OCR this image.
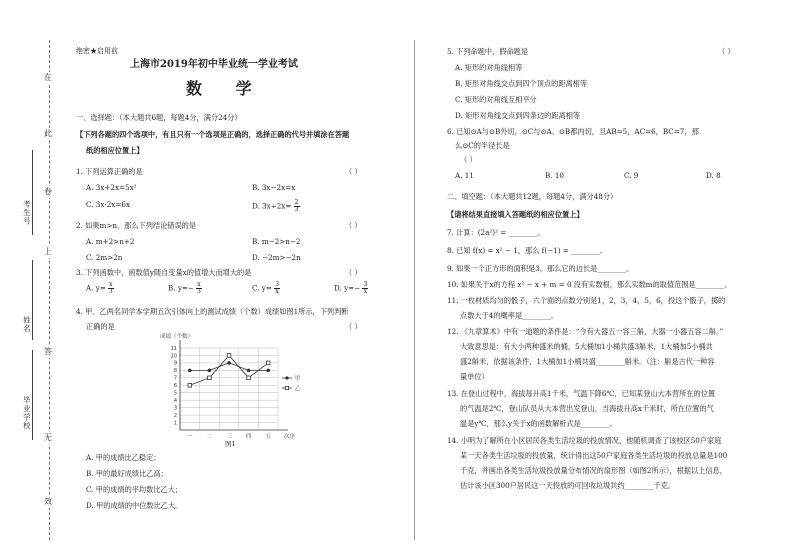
在
此
卷
上
答
无
效
考生号
姓名
毕业学校
绝密★启用前
上海市2019年初中毕业统一学业考试
数 学
一、选择题：（本大题共6题，每题4分，满分24分）
【下列各题的四个选项中，有且只有一个选项是正确的，选择正确的代号并填涂在答题
纸的相应位置上】
1. 下列运算正确的是	（ ）
A. 3x+2x=5x²	B. 3x−2x=x
C. 3x·2x=6x	D. $3x\div 2x= \frac{2}{3}$
2. 如果m>n，那么下列结论错误的是	（ ）
A. m+2>n+2	B. m−2>n−2
C. 2m>2n	D. −2m>−2n
3. 下列函数中，函数值y随自变量x的值增大而增大的是	（ ）
A. $y= \frac{x}{3}$	B. $y=- \frac{x}{3}$	C. $y= \frac{3}{x}$	D. $y=- \frac{3}{x}$
4. 甲、乙两名同学本学期五次引体向上的测试成绩（个数）成绩如图1所示，下列判断
正确的是	（ ）
成绩（个数）
1
2
3
4
5
6
7
8
9
10
11
一	二	三	四	五 次序
甲
乙
图1
A. 甲的成绩比乙稳定；
B. 甲的最好成绩比乙高；
C. 甲的成绩的平均数比乙大；
D. 甲的成绩的中位数比乙大。
5. 下列命题中，假命题是	（ ）
A. 矩形的对角线相等
B. 矩形对角线交点到四个顶点的距离相等
C. 矩形的对角线互相平分
D. 矩形对角线交点到四条边的距离相等
6. 已知⊙A与⊙B外切，⊙C与⊙A、⊙B都内切，且AB=5，AC=6，BC=7，那
么⊙C的半径长是
（ ）
A. 11	B. 10	C. 9	D. 8
二、填空题：（本大题共12题，每题4分，满分48分）
【请将结果直接填入答题纸的相应位置上】
7. 计算：(2a²)² = ________。
8. 已知 f(x) = x² − 1，那么 f(−1) = ________。
9. 如果一个正方形的面积是3，那么它的边长是________。
10. 如果关于x的方程 x² − x + m = 0 没有实数根，那么实数m的取值范围是________。
11. 一枚材质均匀的骰子，六个面的点数分别是1，2，3，4，5，6，投这个骰子，掷的
点数大于4的概率是________。
12. 《九章算术》中有一道题的条件是：“今有大器五一容三斛，大器一小器五容二斛。”
大致意思是：有大小两种盛米的桶，5大桶加1小桶共盛3斛米，1大桶加5小桶共
盛2斛米，依据该条件，1大桶加1小桶共盛________斛米。（注：斛是古代一种容
量单位）
13. 在登山过程中，海拔每升高1千米，气温下降6℃，已知某登山大本营所在的位置
的气温是2℃，登山队员从大本营出发登山，当海拔升高x千米时，所在位置的气
温是y℃，那么y关于x的函数解析式是________。
14. 小明为了解所在小区居民各类生活垃圾的投放情况，他随机调查了该校区50户家庭
某一天各类生活垃圾的投放量，统计得出这50户家庭各类生活垃圾的投放总量是100
千克，并画出各类生活垃圾投放量分布情况的扇形图（如图2所示），根据以上信息，
估计该小区300户居民这一天投放的可回收垃圾共约________千克。
